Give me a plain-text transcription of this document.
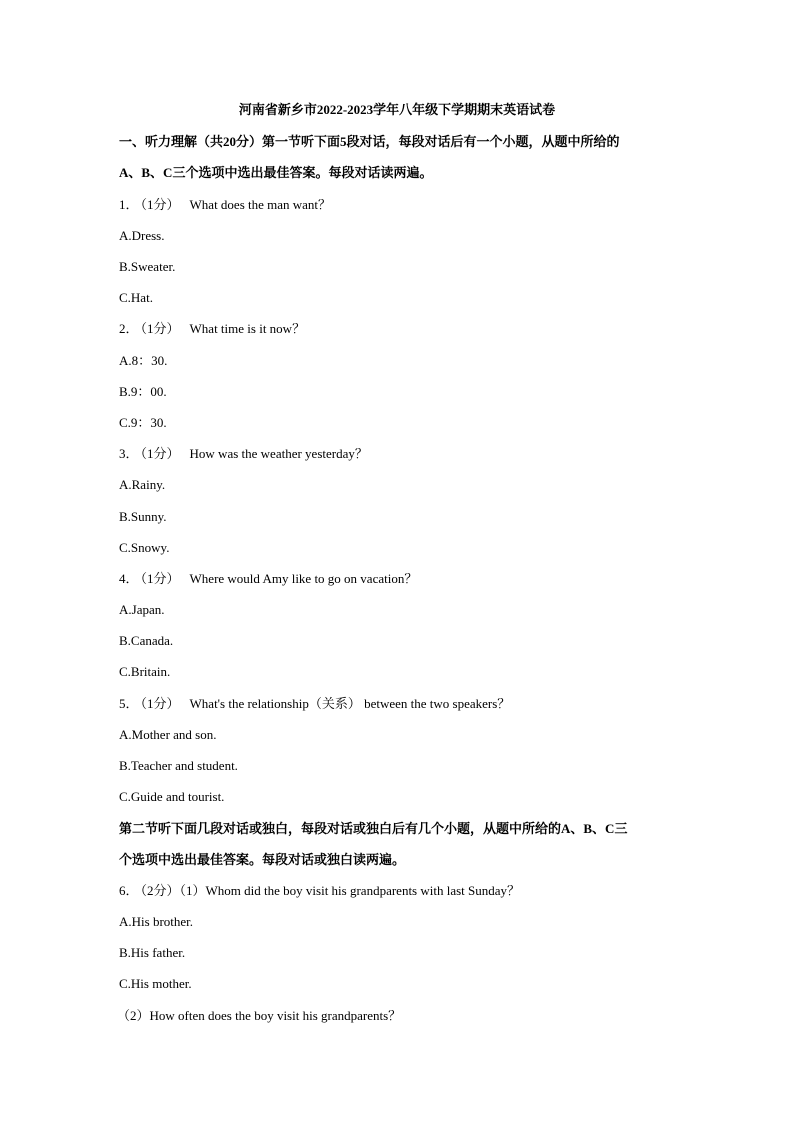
河南省新乡市2022-2023学年八年级下学期期末英语试卷
一、听力理解（共20分）第一节听下面5段对话，每段对话后有一个小题，从题中所给的
A、B、C三个选项中选出最佳答案。每段对话读两遍。
1． （1分） What does the man want？
A.Dress.
B.Sweater.
C.Hat.
2． （1分） What time is it now？
A.8：30.
B.9：00.
C.9：30.
3． （1分） How was the weather yesterday？
A.Rainy.
B.Sunny.
C.Snowy.
4． （1分） Where would Amy like to go on vacation？
A.Japan.
B.Canada.
C.Britain.
5． （1分） What's the relationship（关系） between the two speakers？
A.Mother and son.
B.Teacher and student.
C.Guide and tourist.
第二节听下面几段对话或独白，每段对话或独白后有几个小题，从题中所给的A、B、C三
个选项中选出最佳答案。每段对话或独白读两遍。
6． （2分）（1）Whom did the boy visit his grandparents with last Sunday？
A.His brother.
B.His father.
C.His mother.
（2）How often does the boy visit his grandparents？
